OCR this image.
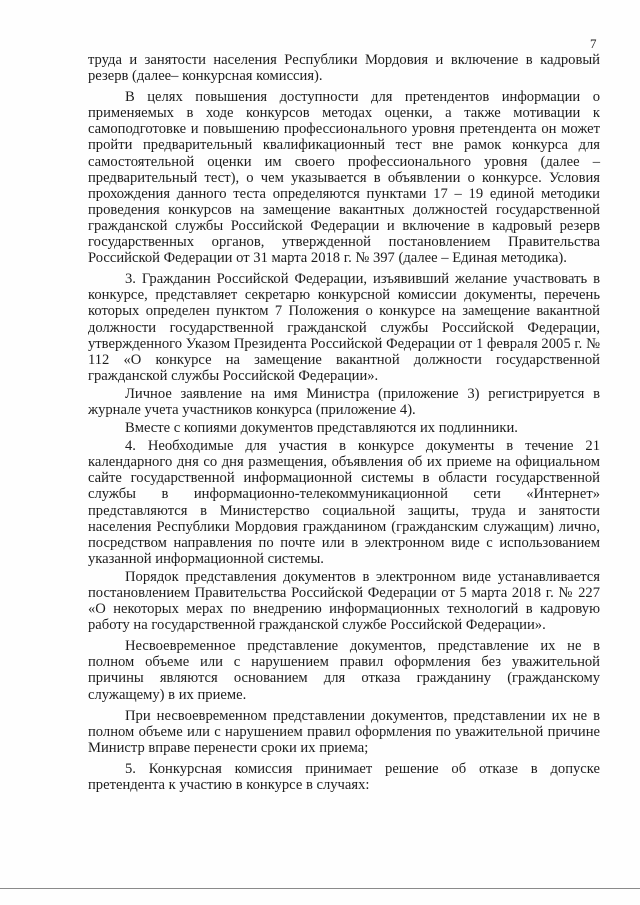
7

труда и занятости населения Республики Мордовия и включение в кадровый резерв (далее– конкурсная комиссия).

В целях повышения доступности для претендентов информации о применяемых в ходе конкурсов методах оценки, а также мотивации к самоподготовке и повышению профессионального уровня претендента он может пройти предварительный квалификационный тест вне рамок конкурса для самостоятельной оценки им своего профессионального уровня (далее – предварительный тест), о чем указывается в объявлении о конкурсе. Условия прохождения данного теста определяются пунктами 17 – 19 единой методики проведения конкурсов на замещение вакантных должностей государственной гражданской службы Российской Федерации и включение в кадровый резерв государственных органов, утвержденной постановлением Правительства Российской Федерации от 31 марта 2018 г. № 397 (далее – Единая методика).

3. Гражданин Российской Федерации, изъявивший желание участвовать в конкурсе, представляет секретарю конкурсной комиссии документы, перечень которых определен пунктом 7 Положения о конкурсе на замещение вакантной должности государственной гражданской службы Российской Федерации, утвержденного Указом Президента Российской Федерации от 1 февраля 2005 г. № 112 «О конкурсе на замещение вакантной должности государственной гражданской службы Российской Федерации».

Личное заявление на имя Министра (приложение 3) регистрируется в журнале учета участников конкурса (приложение 4).

Вместе с копиями документов представляются их подлинники.

4. Необходимые для участия в конкурсе документы в течение 21 календарного дня со дня размещения, объявления об их приеме на официальном сайте государственной информационной системы в области государственной службы в информационно-телекоммуникационной сети «Интернет» представляются в Министерство социальной защиты, труда и занятости населения Республики Мордовия гражданином (гражданским служащим) лично, посредством направления по почте или в электронном виде с использованием указанной информационной системы.

Порядок представления документов в электронном виде устанавливается постановлением Правительства Российской Федерации от 5 марта 2018 г. № 227 «О некоторых мерах по внедрению информационных технологий в кадровую работу на государственной гражданской службе Российской Федерации».

Несвоевременное представление документов, представление их не в полном объеме или с нарушением правил оформления без уважительной причины являются основанием для отказа гражданину (гражданскому служащему) в их приеме.

При несвоевременном представлении документов, представлении их не в полном объеме или с нарушением правил оформления по уважительной причине Министр вправе перенести сроки их приема;

5. Конкурсная комиссия принимает решение об отказе в допуске претендента к участию в конкурсе в случаях:
